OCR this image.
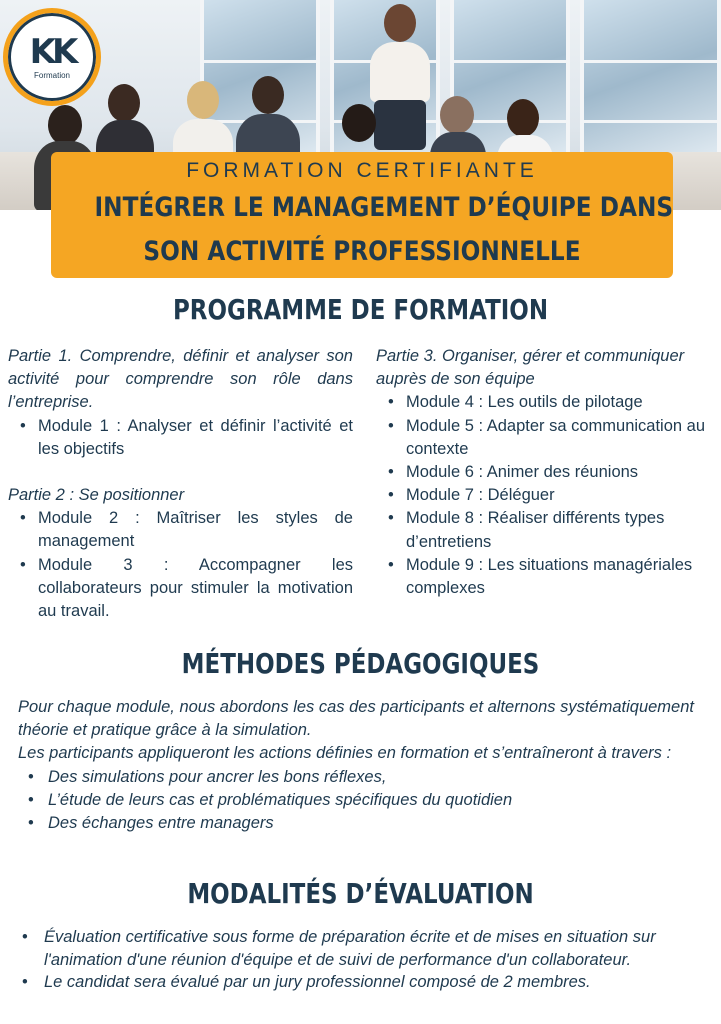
KK
Formation
FORMATION CERTIFIANTE
INTÉGRER LE MANAGEMENT D’ÉQUIPE DANS
SON ACTIVITÉ PROFESSIONNELLE
PROGRAMME DE FORMATION
Partie 1. Comprendre, définir et analyser son activité pour comprendre son rôle dans l’entreprise.
• Module 1 : Analyser et définir l’activité et les objectifs
Partie 2 : Se positionner
• Module 2 : Maîtriser les styles de management
• Module 3 : Accompagner les collaborateurs pour stimuler la motivation au travail.
Partie 3. Organiser, gérer et communiquer auprès de son équipe
• Module 4 : Les outils de pilotage
• Module 5 : Adapter sa communication au contexte
• Module 6 : Animer des réunions
• Module 7 : Déléguer
• Module 8 : Réaliser différents types d’entretiens
• Module 9 : Les situations managériales complexes
MÉTHODES PÉDAGOGIQUES

Pour chaque module, nous abordons les cas des participants et alternons systématiquement théorie et pratique grâce à la simulation.

Les participants appliqueront les actions définies en formation et s’entraîneront à travers :

• Des simulations pour ancrer les bons réflexes,
• L’étude de leurs cas et problématiques spécifiques du quotidien
• Des échanges entre managers
MODALITÉS D’ÉVALUATION
• Évaluation certificative sous forme de préparation écrite et de mises en situation sur l'animation d'une réunion d'équipe et de suivi de performance d'un collaborateur.
• Le candidat sera évalué par un jury professionnel composé de 2 membres.
